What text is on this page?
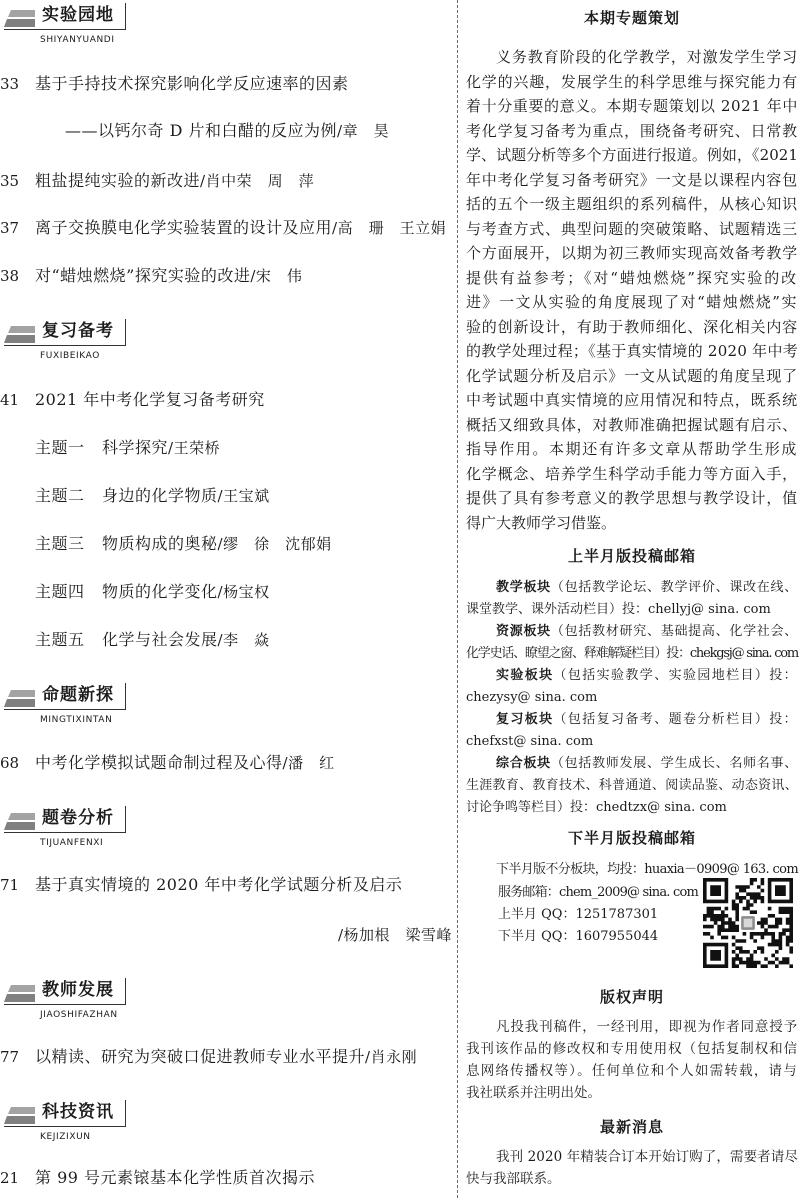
实验园地
SHIYANYUANDI
33 基于手持技术探究影响化学反应速率的因素
——以钙尔奇 D 片和白醋的反应为例/章　昊
35 粗盐提纯实验的新改进/肖中荣　周　萍
37 离子交换膜电化学实验装置的设计及应用/高　珊　王立娟
38 对“蜡烛燃烧”探究实验的改进/宋　伟
复习备考
FUXIBEIKAO
41 2021 年中考化学复习备考研究
主题一 科学探究/王荣桥
主题二 身边的化学物质/王宝斌
主题三 物质构成的奥秘/缪　徐　沈郁娟
主题四 物质的化学变化/杨宝权
主题五 化学与社会发展/李　焱
命题新探
MINGTIXINTAN
68 中考化学模拟试题命制过程及心得/潘　红
题卷分析
TIJUANFENXI
71 基于真实情境的 2020 年中考化学试题分析及启示
/杨加根　梁雪峰
教师发展
JIAOSHIFAZHAN
77 以精读、研究为突破口促进教师专业水平提升/肖永刚
科技资讯
KEJIZIXUN
21 第 99 号元素锿基本化学性质首次揭示
本期专题策划
义务教育阶段的化学教学，对激发学生学习
化学的兴趣，发展学生的科学思维与探究能力有
着十分重要的意义。本期专题策划以 2021 年中
考化学复习备考为重点，围绕备考研究、日常教
学、试题分析等多个方面进行报道。例如，《2021
年中考化学复习备考研究》一文是以课程内容包
括的五个一级主题组织的系列稿件，从核心知识
与考查方式、典型问题的突破策略、试题精选三
个方面展开，以期为初三教师实现高效备考教学
提供有益参考；《对“蜡烛燃烧”探究实验的改
进》一文从实验的角度展现了对“蜡烛燃烧”实
验的创新设计，有助于教师细化、深化相关内容
的教学处理过程；《基于真实情境的 2020 年中考
化学试题分析及启示》一文从试题的角度呈现了
中考试题中真实情境的应用情况和特点，既系统
概括又细致具体，对教师准确把握试题有启示、
指导作用。本期还有许多文章从帮助学生形成
化学概念、培养学生科学动手能力等方面入手，
提供了具有参考意义的教学思想与教学设计，值
得广大教师学习借鉴。
上半月版投稿邮箱
教学板块（包括教学论坛、教学评价、课改在线、
课堂教学、课外活动栏目）投：chellyj@ sina. com
资源板块（包括教材研究、基础提高、化学社会、
化学史话、瞭望之窗、释难解疑栏目）投：chekgsj@ sina. com
实验板块（包括实验教学、实验园地栏目）投：
chezysy@ sina. com
复习板块（包括复习备考、题卷分析栏目）投：
chefxst@ sina. com
综合板块（包括教师发展、学生成长、名师名事、
生涯教育、教育技术、科普通道、阅读品鉴、动态资讯、
讨论争鸣等栏目）投：chedtzx@ sina. com
下半月版投稿邮箱
下半月版不分板块，均投：huaxia－0909@ 163. com
服务邮箱：chem_2009@ sina. com
上半月 QQ：1251787301
下半月 QQ：1607955044
版权声明
凡投我刊稿件，一经刊用，即视为作者同意授予
我刊该作品的修改权和专用使用权（包括复制权和信
息网络传播权等）。任何单位和个人如需转载，请与
我社联系并注明出处。
最新消息
我刊 2020 年精装合订本开始订购了，需要者请尽
快与我部联系。
